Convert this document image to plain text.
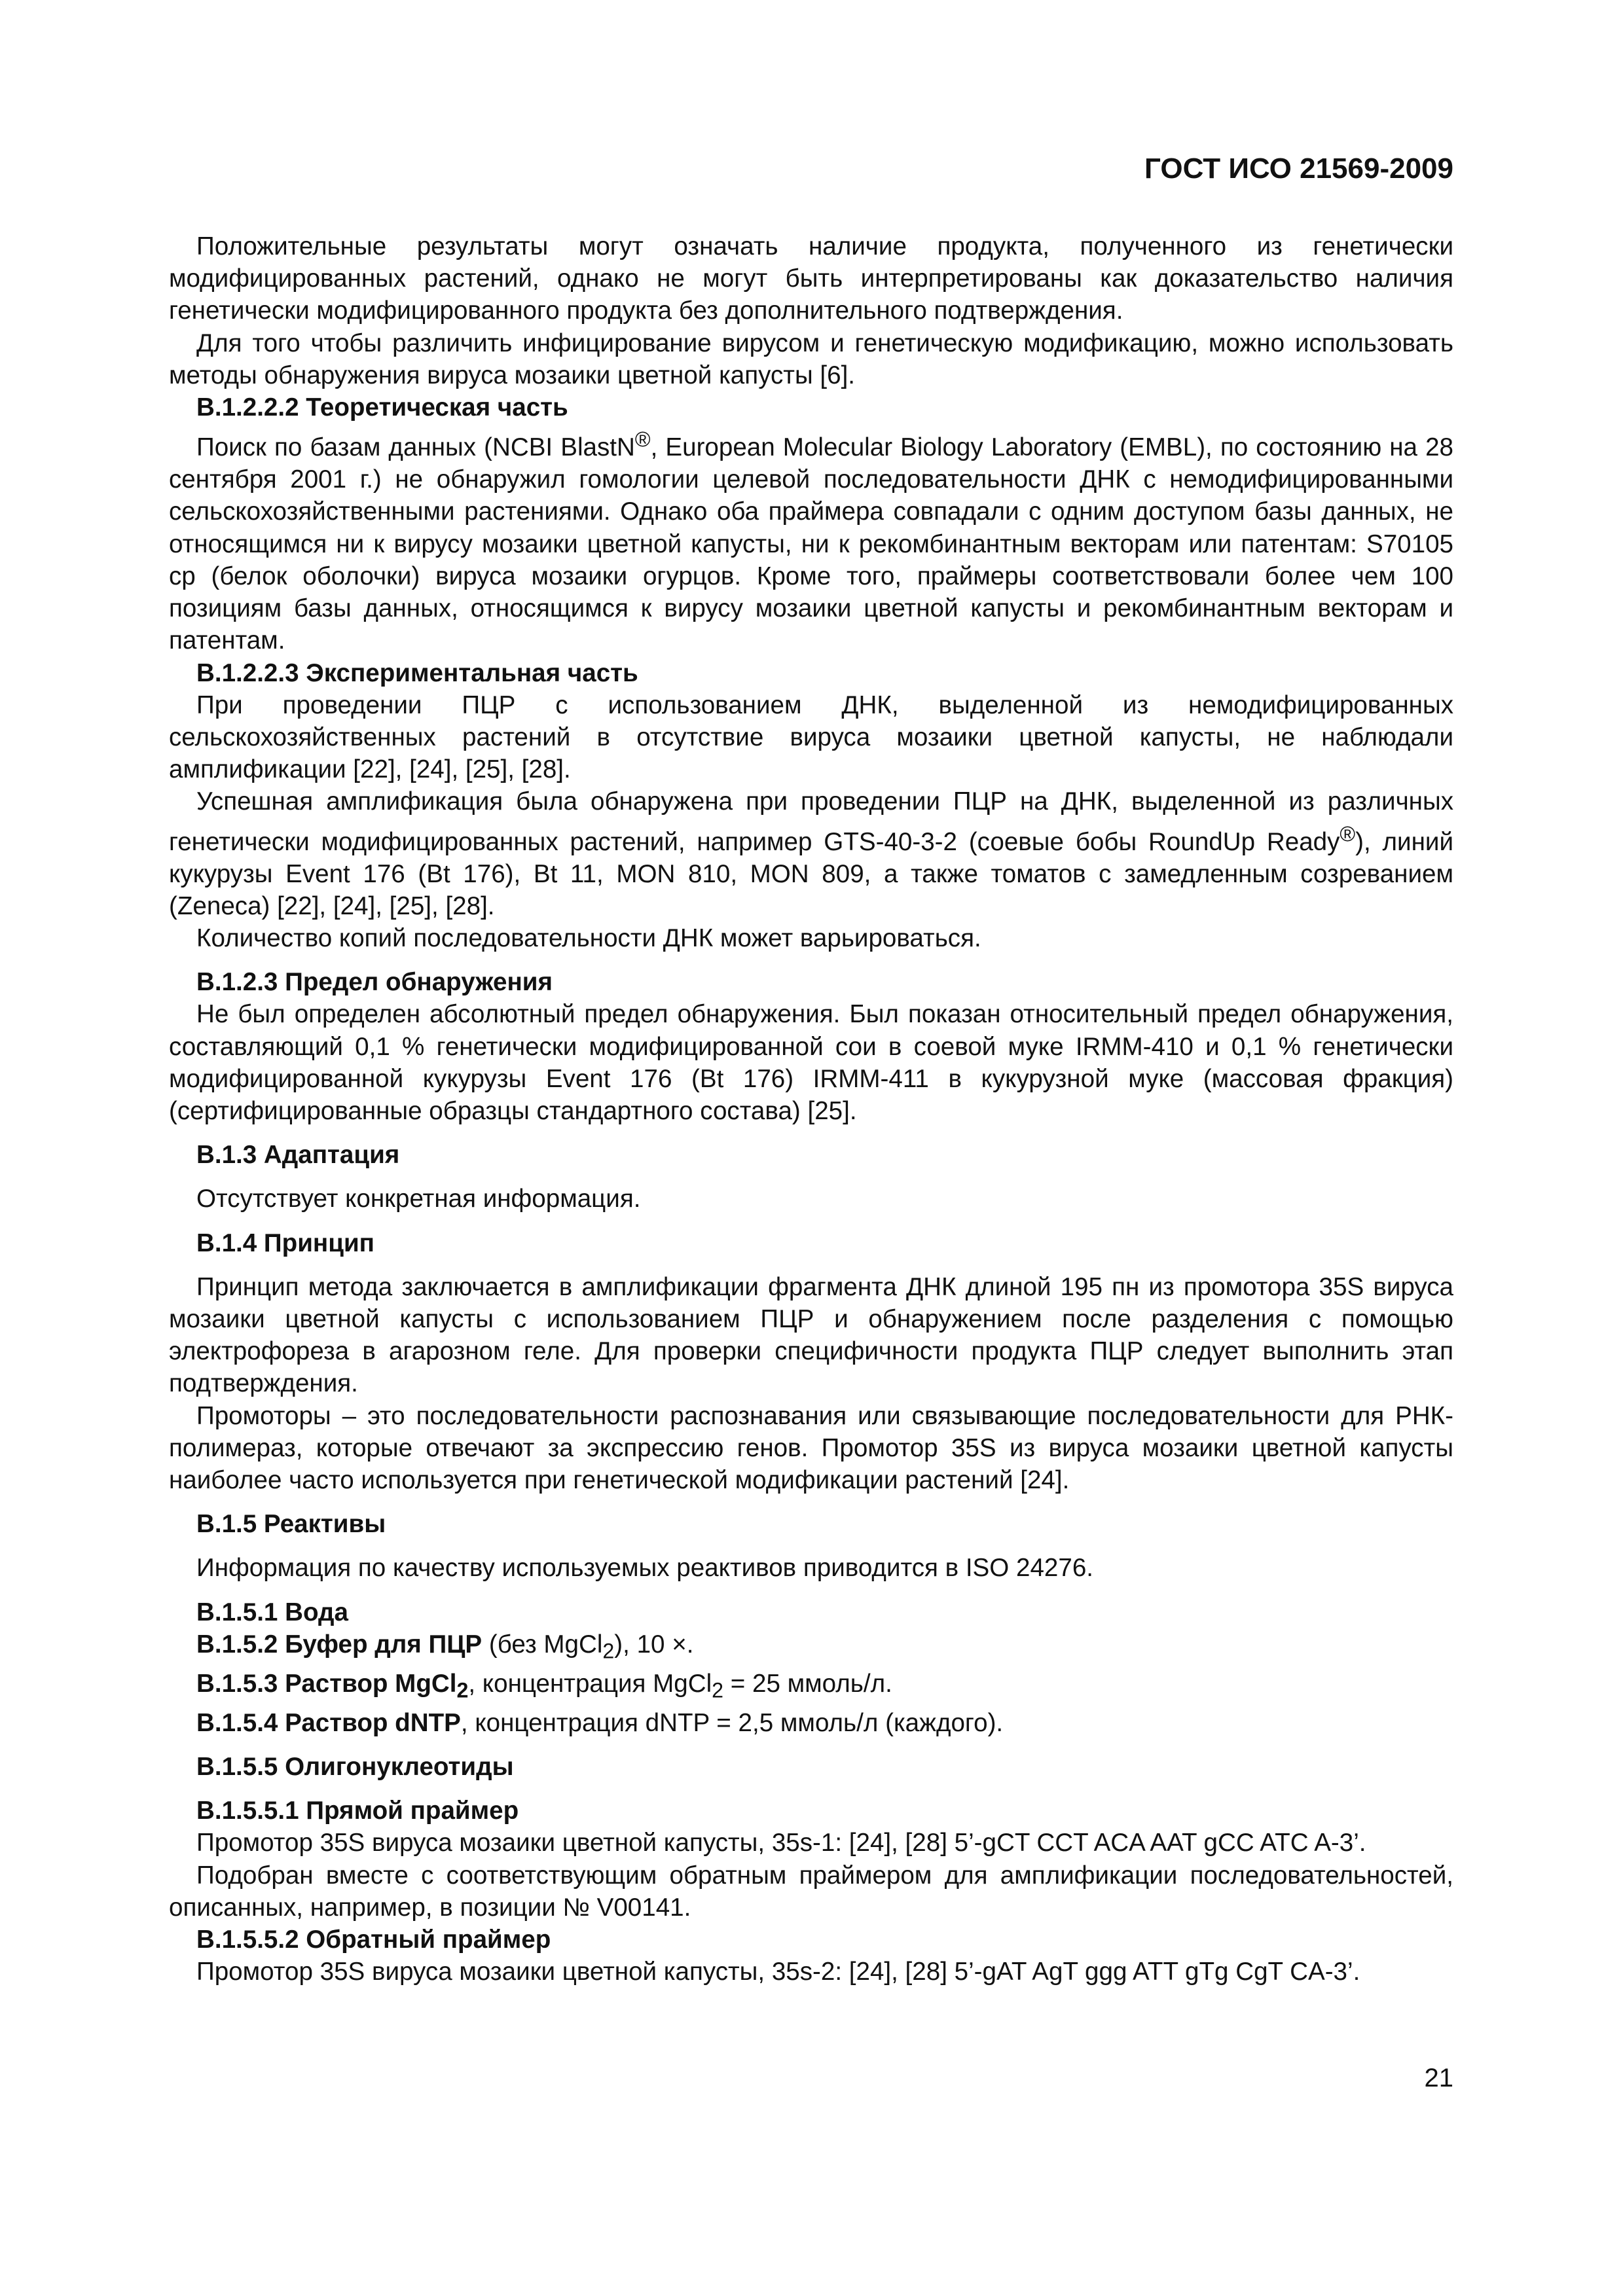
ГОСТ ИСО 21569-2009

Положительные результаты могут означать наличие продукта, полученного из генетически модифицированных растений, однако не могут быть интерпретированы как доказательство наличия генетически модифицированного продукта без дополнительного подтверждения.

Для того чтобы различить инфицирование вирусом и генетическую модификацию, можно использовать методы обнаружения вируса мозаики цветной капусты [6].

В.1.2.2.2 Теоретическая часть

Поиск по базам данных (NCBI BlastN®, European Molecular Biology Laboratory (EMBL), по состоянию на 28 сентября 2001 г.) не обнаружил гомологии целевой последовательности ДНК с немодифицированными сельскохозяйственными растениями. Однако оба праймера совпадали с одним доступом базы данных, не относящимся ни к вирусу мозаики цветной капусты, ни к рекомбинантным векторам или патентам: S70105 ср (белок оболочки) вируса мозаики огурцов. Кроме того, праймеры соответствовали более чем 100 позициям базы данных, относящимся к вирусу мозаики цветной капусты и рекомбинантным векторам и патентам.

В.1.2.2.3 Экспериментальная часть

При проведении ПЦР с использованием ДНК, выделенной из немодифицированных сельскохозяйственных растений в отсутствие вируса мозаики цветной капусты, не наблюдали амплификации [22], [24], [25], [28].

Успешная амплификация была обнаружена при проведении ПЦР на ДНК, выделенной из различных генетически модифицированных растений, например GTS-40-3-2 (соевые бобы RoundUp Ready®), линий кукурузы Event 176 (Bt 176), Bt 11, MON 810, MON 809, а также томатов с замедленным созреванием (Zeneca) [22], [24], [25], [28].

Количество копий последовательности ДНК может варьироваться.

В.1.2.3 Предел обнаружения

Не был определен абсолютный предел обнаружения. Был показан относительный предел обнаружения, составляющий 0,1 % генетически модифицированной сои в соевой муке IRMM-410 и 0,1 % генетически модифицированной кукурузы Event 176 (Bt 176) IRMM-411 в кукурузной муке (массовая фракция) (сертифицированные образцы стандартного состава) [25].

В.1.3 Адаптация

Отсутствует конкретная информация.

В.1.4 Принцип

Принцип метода заключается в амплификации фрагмента ДНК длиной 195 пн из промотора 35S вируса мозаики цветной капусты с использованием ПЦР и обнаружением после разделения с помощью электрофореза в агарозном геле. Для проверки специфичности продукта ПЦР следует выполнить этап подтверждения.

Промоторы – это последовательности распознавания или связывающие последовательности для РНК-полимераз, которые отвечают за экспрессию генов. Промотор 35S из вируса мозаики цветной капусты наиболее часто используется при генетической модификации растений [24].

В.1.5 Реактивы

Информация по качеству используемых реактивов приводится в ISO 24276.

В.1.5.1 Вода

В.1.5.2 Буфер для ПЦР (без MgCl$_2$), 10 ×.

В.1.5.3 Раствор MgCl$_2$, концентрация MgCl$_2$ = 25 ммоль/л.

В.1.5.4 Раствор dNTP, концентрация dNTP = 2,5 ммоль/л (каждого).

В.1.5.5 Олигонуклеотиды
В.1.5.5.1 Прямой праймер

Промотор 35S вируса мозаики цветной капусты, 35s-1: [24], [28] 5’-gCT CCT ACA AAT gCC ATC A-3’.

Подобран вместе с соответствующим обратным праймером для амплификации последовательностей, описанных, например, в позиции № V00141.

В.1.5.5.2 Обратный праймер

Промотор 35S вируса мозаики цветной капусты, 35s-2: [24], [28] 5’-gAT AgT ggg ATT gTg CgT CA-3’.

21
